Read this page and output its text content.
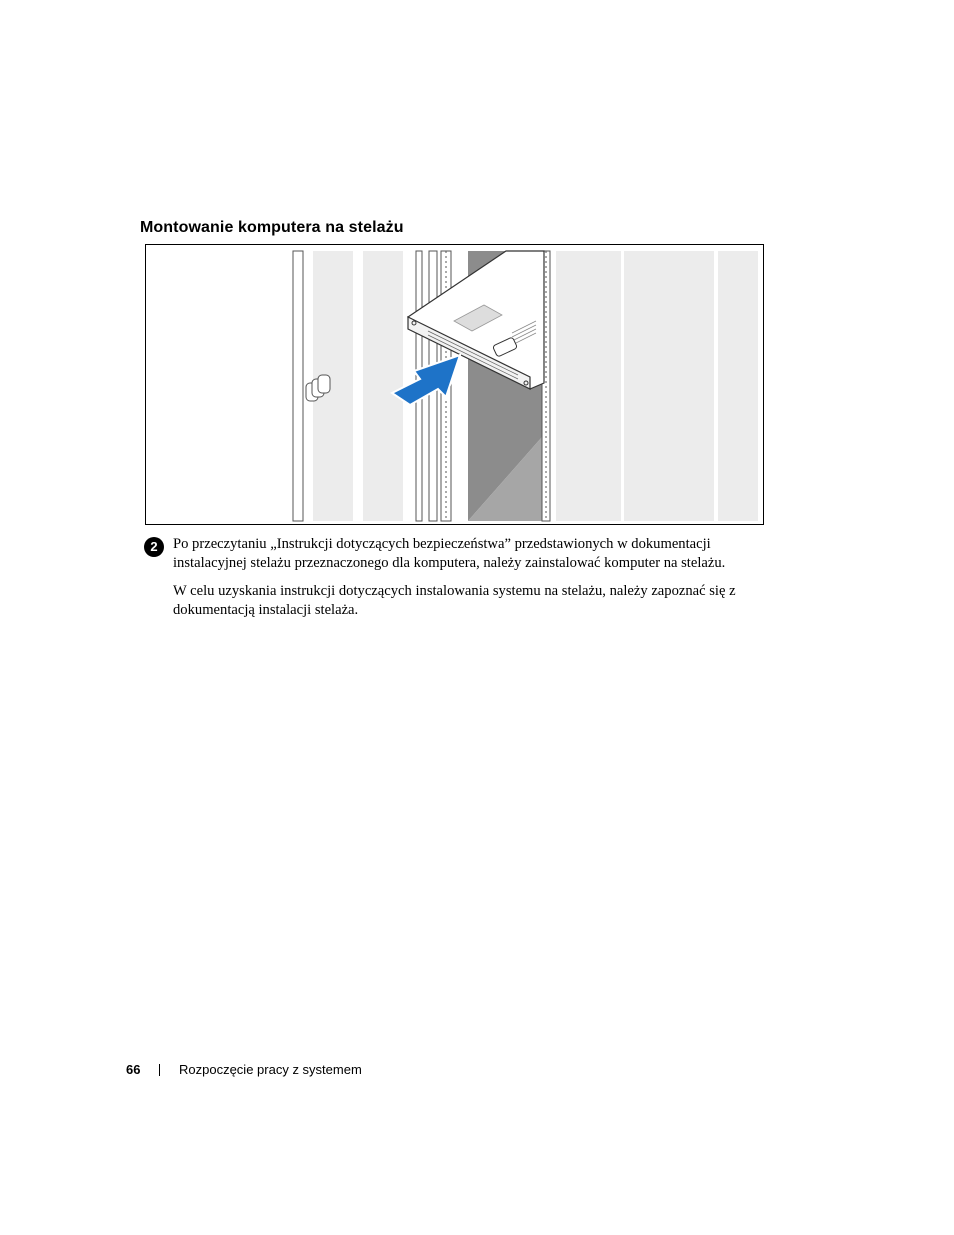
Montowanie komputera na stelażu
2	Po przeczytaniu „Instrukcji dotyczących bezpieczeństwa” przedstawionych w dokumentacji instalacyjnej stelażu przeznaczonego dla komputera, należy zainstalować komputer na stelażu.

W celu uzyskania instrukcji dotyczących instalowania systemu na stelażu, należy zapoznać się z dokumentacją instalacji stelaża.

66	Rozpoczęcie pracy z systemem
